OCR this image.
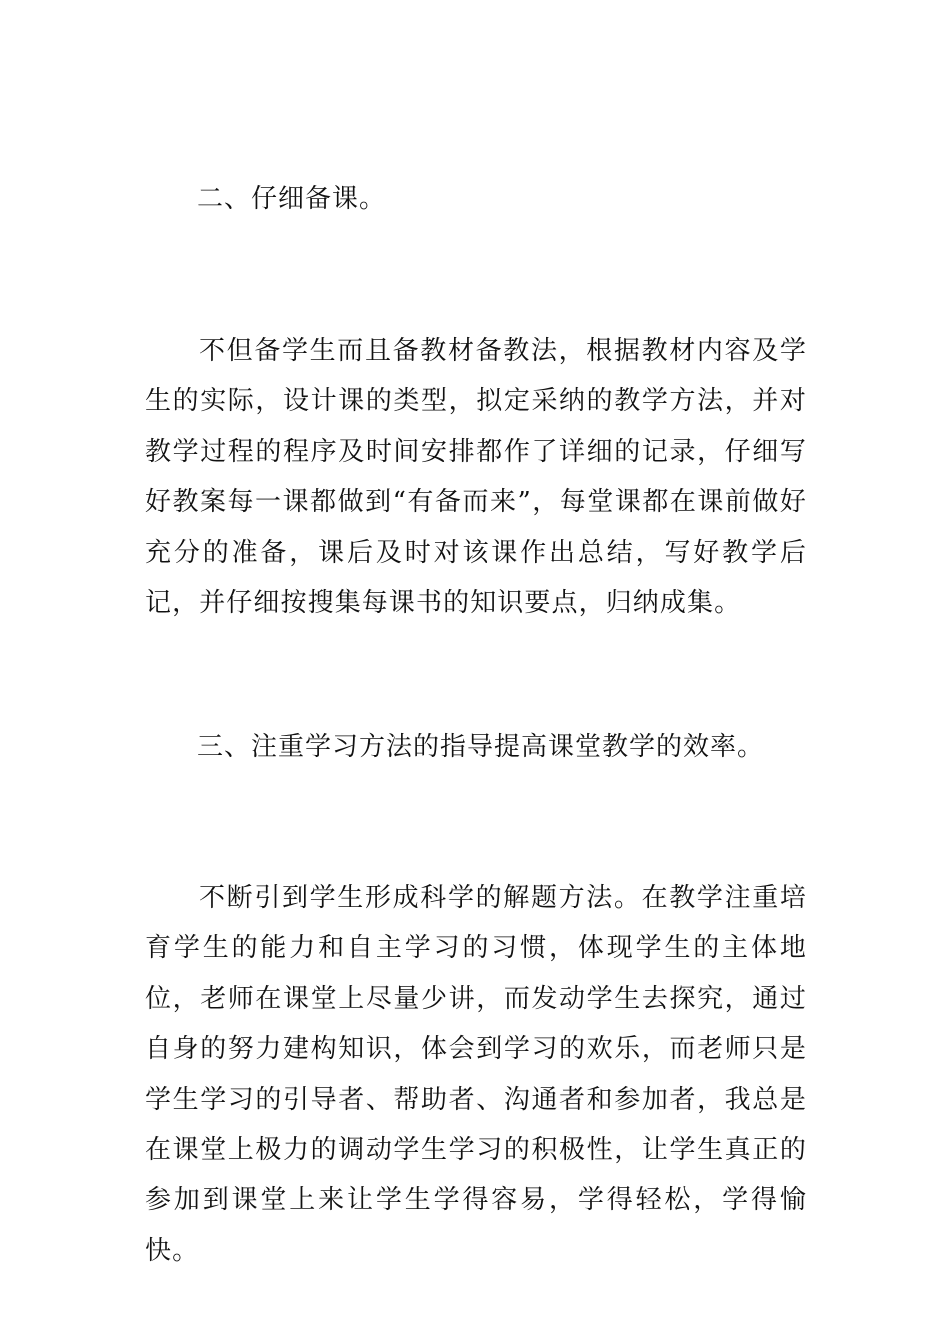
二、仔细备课。
不但备学生而且备教材备教法，根据教材内容及学生的实际，设计课的类型，拟定采纳的教学方法，并对教学过程的程序及时间安排都作了详细的记录，仔细写好教案每一课都做到“有备而来”，每堂课都在课前做好充分的准备，课后及时对该课作出总结，写好教学后记，并仔细按搜集每课书的知识要点，归纳成集。
三、注重学习方法的指导提高课堂教学的效率。
不断引到学生形成科学的解题方法。在教学注重培育学生的能力和自主学习的习惯，体现学生的主体地位，老师在课堂上尽量少讲，而发动学生去探究，通过自身的努力建构知识，体会到学习的欢乐，而老师只是学生学习的引导者、帮助者、沟通者和参加者，我总是在课堂上极力的调动学生学习的积极性，让学生真正的参加到课堂上来让学生学得容易，学得轻松，学得愉快。
